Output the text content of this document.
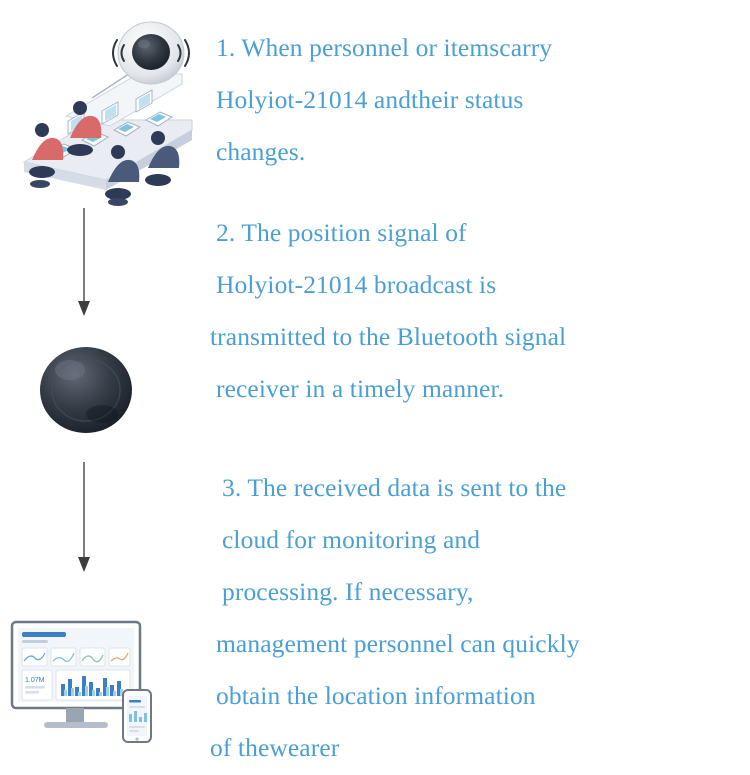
1.07M
1. When personnel or itemscarry
Holyiot-21014 andtheir status
changes.
2. The position signal of
Holyiot-21014 broadcast is
transmitted to the Bluetooth signal
receiver in a timely manner.
3. The received data is sent to the
cloud for monitoring and
processing. If necessary,
management personnel can quickly
obtain the location information
of thewearer
